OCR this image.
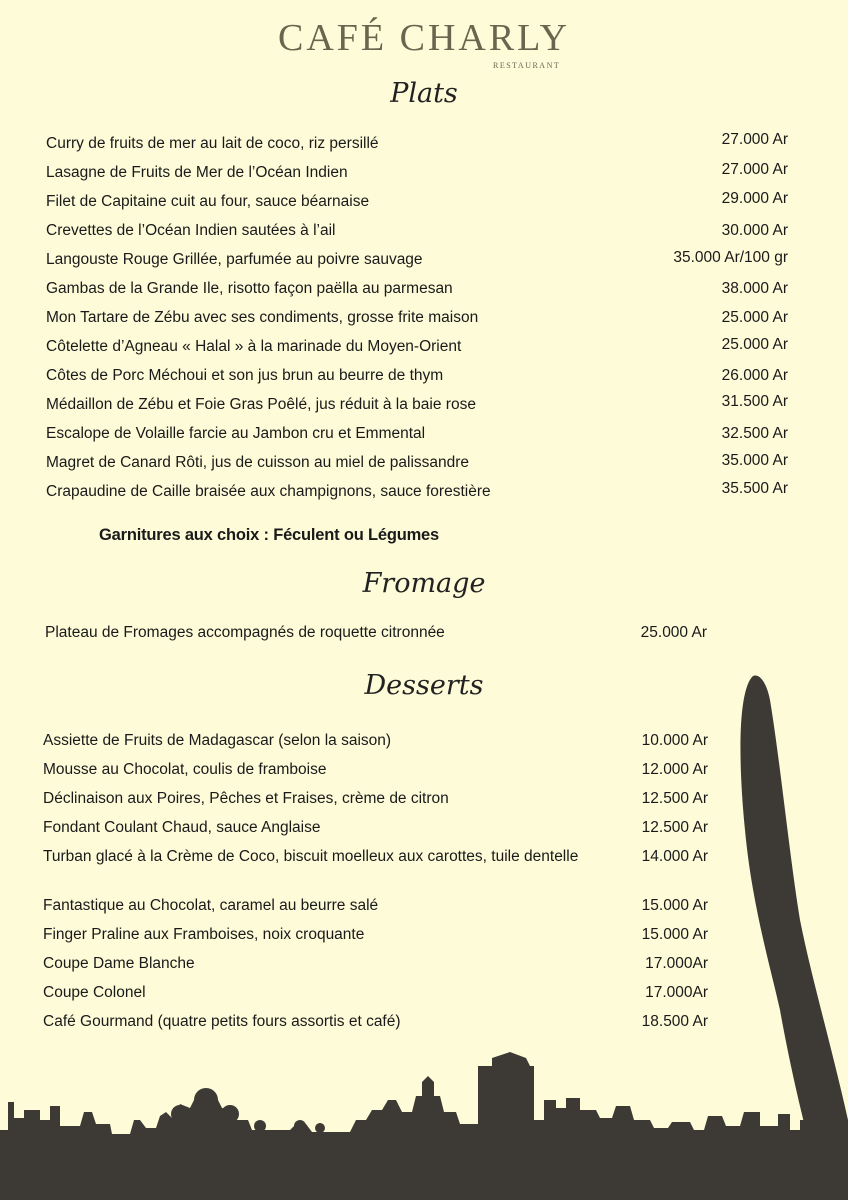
CAFÉ CHARLY
RESTAURANT
Plats
Curry de fruits de mer au lait de coco, riz persillé	27.000 Ar
Lasagne de Fruits de Mer de l’Océan Indien	27.000 Ar
Filet de Capitaine cuit au four, sauce béarnaise	29.000 Ar
Crevettes de l’Océan Indien sautées à l’ail	30.000 Ar
Langouste Rouge Grillée, parfumée au poivre sauvage	35.000 Ar/100 gr
Gambas de la Grande Ile, risotto façon paëlla au parmesan	38.000 Ar
Mon Tartare de Zébu avec ses condiments, grosse frite maison	25.000 Ar
Côtelette d’Agneau « Halal » à la marinade du Moyen-Orient	25.000 Ar
Côtes de Porc Méchoui et son jus brun au beurre de thym	26.000 Ar
Médaillon de Zébu et Foie Gras Poêlé, jus réduit à la baie rose	31.500 Ar
Escalope de Volaille farcie au Jambon cru et Emmental	32.500 Ar
Magret de Canard Rôti, jus de cuisson au miel de palissandre	35.000 Ar
Crapaudine de Caille braisée aux champignons, sauce forestière	35.500 Ar
Garnitures aux choix : Féculent ou Légumes
Fromage
Plateau de Fromages accompagnés de roquette citronnée	25.000 Ar
Desserts
Assiette de Fruits de Madagascar (selon la saison)	10.000 Ar
Mousse au Chocolat, coulis de framboise	12.000 Ar
Déclinaison aux Poires, Pêches et Fraises, crème de citron	12.500 Ar
Fondant Coulant Chaud, sauce Anglaise	12.500 Ar
Turban glacé à la Crème de Coco, biscuit moelleux aux carottes, tuile dentelle	14.000 Ar
Fantastique au Chocolat, caramel au beurre salé	15.000 Ar
Finger Praline aux Framboises, noix croquante	15.000 Ar
Coupe Dame Blanche	17.000Ar
Coupe Colonel	17.000Ar
Café Gourmand (quatre petits fours assortis et café)	18.500 Ar
